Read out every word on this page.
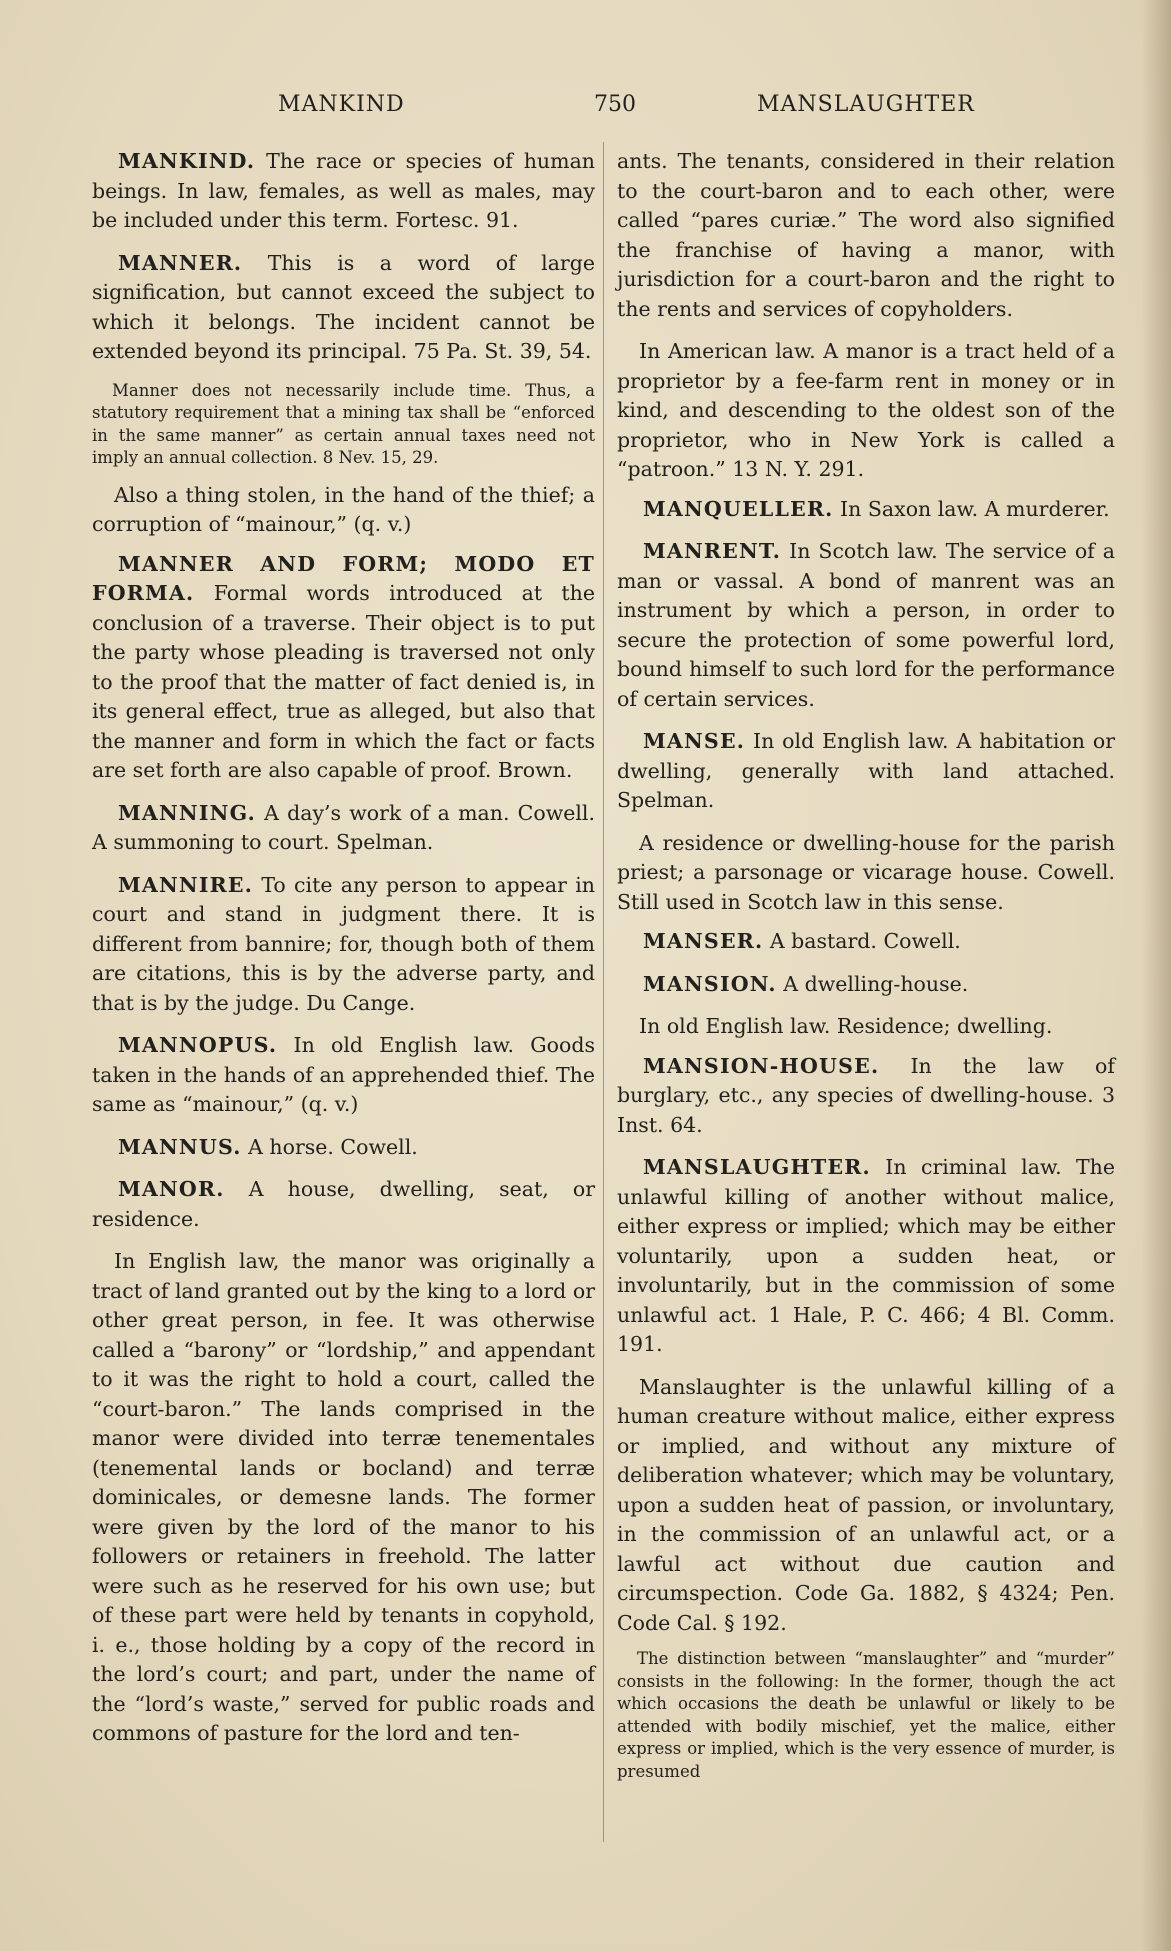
MANKIND	750	MANSLAUGHTER

MANKIND. The race or species of human beings. In law, females, as well as males, may be included under this term. Fortesc. 91.

MANNER. This is a word of large signification, but cannot exceed the subject to which it belongs. The incident cannot be extended beyond its principal. 75 Pa. St. 39, 54.

Manner does not necessarily include time. Thus, a statutory requirement that a mining tax shall be “enforced in the same manner” as certain annual taxes need not imply an annual collection. 8 Nev. 15, 29.

Also a thing stolen, in the hand of the thief; a corruption of “mainour,” (q. v.)

MANNER AND FORM; MODO ET FORMA. Formal words introduced at the conclusion of a traverse. Their object is to put the party whose pleading is traversed not only to the proof that the matter of fact denied is, in its general effect, true as alleged, but also that the manner and form in which the fact or facts are set forth are also capable of proof. Brown.

MANNING. A day’s work of a man. Cowell. A summoning to court. Spelman.

MANNIRE. To cite any person to appear in court and stand in judgment there. It is different from bannire; for, though both of them are citations, this is by the adverse party, and that is by the judge. Du Cange.

MANNOPUS. In old English law. Goods taken in the hands of an apprehended thief. The same as “mainour,” (q. v.)

MANNUS. A horse. Cowell.

MANOR. A house, dwelling, seat, or residence.

In English law, the manor was originally a tract of land granted out by the king to a lord or other great person, in fee. It was otherwise called a “barony” or “lordship,” and appendant to it was the right to hold a court, called the “court-baron.” The lands comprised in the manor were divided into terræ tenementales (tenemental lands or bocland) and terræ dominicales, or demesne lands. The former were given by the lord of the manor to his followers or retainers in freehold. The latter were such as he reserved for his own use; but of these part were held by tenants in copyhold, i. e., those holding by a copy of the record in the lord’s court; and part, under the name of the “lord’s waste,” served for public roads and commons of pasture for the lord and ten-

ants. The tenants, considered in their relation to the court-baron and to each other, were called “pares curiæ.” The word also signified the franchise of having a manor, with jurisdiction for a court-baron and the right to the rents and services of copyholders.

In American law. A manor is a tract held of a proprietor by a fee-farm rent in money or in kind, and descending to the oldest son of the proprietor, who in New York is called a “patroon.” 13 N. Y. 291.

MANQUELLER. In Saxon law. A murderer.

MANRENT. In Scotch law. The service of a man or vassal. A bond of manrent was an instrument by which a person, in order to secure the protection of some powerful lord, bound himself to such lord for the performance of certain services.

MANSE. In old English law. A habitation or dwelling, generally with land attached. Spelman.

A residence or dwelling-house for the parish priest; a parsonage or vicarage house. Cowell. Still used in Scotch law in this sense.

MANSER. A bastard. Cowell.

MANSION. A dwelling-house.

In old English law. Residence; dwelling.

MANSION-HOUSE. In the law of burglary, etc., any species of dwelling-house. 3 Inst. 64.

MANSLAUGHTER. In criminal law. The unlawful killing of another without malice, either express or implied; which may be either voluntarily, upon a sudden heat, or involuntarily, but in the commission of some unlawful act. 1 Hale, P. C. 466; 4 Bl. Comm. 191.

Manslaughter is the unlawful killing of a human creature without malice, either express or implied, and without any mixture of deliberation whatever; which may be voluntary, upon a sudden heat of passion, or involuntary, in the commission of an unlawful act, or a lawful act without due caution and circumspection. Code Ga. 1882, § 4324; Pen. Code Cal. § 192.

The distinction between “manslaughter” and “murder” consists in the following: In the former, though the act which occasions the death be unlawful or likely to be attended with bodily mischief, yet the malice, either express or implied, which is the very essence of murder, is presumed
